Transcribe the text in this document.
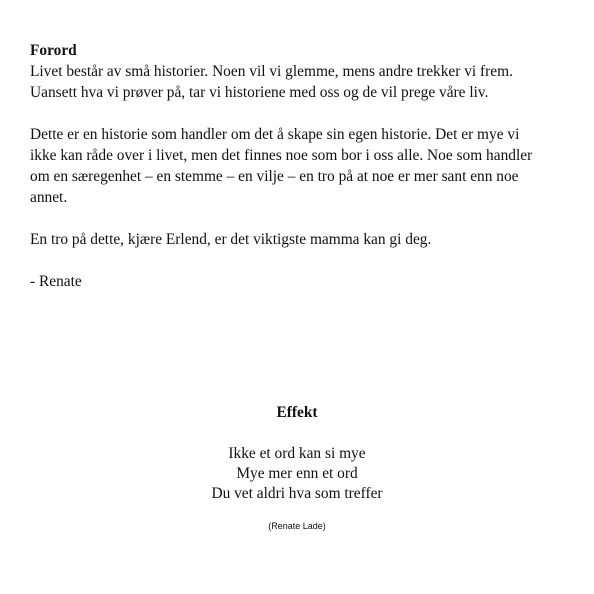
Forord

Livet består av små historier. Noen vil vi glemme, mens andre trekker vi frem.

Uansett hva vi prøver på, tar vi historiene med oss og de vil prege våre liv.

Dette er en historie som handler om det å skape sin egen historie. Det er mye vi

ikke kan råde over i livet, men det finnes noe som bor i oss alle. Noe som handler

om en særegenhet – en stemme – en vilje – en tro på at noe er mer sant enn noe

annet.

En tro på dette, kjære Erlend, er det viktigste mamma kan gi deg.

- Renate

Effekt

Ikke et ord kan si mye

Mye mer enn et ord

Du vet aldri hva som treffer

(Renate Lade)
